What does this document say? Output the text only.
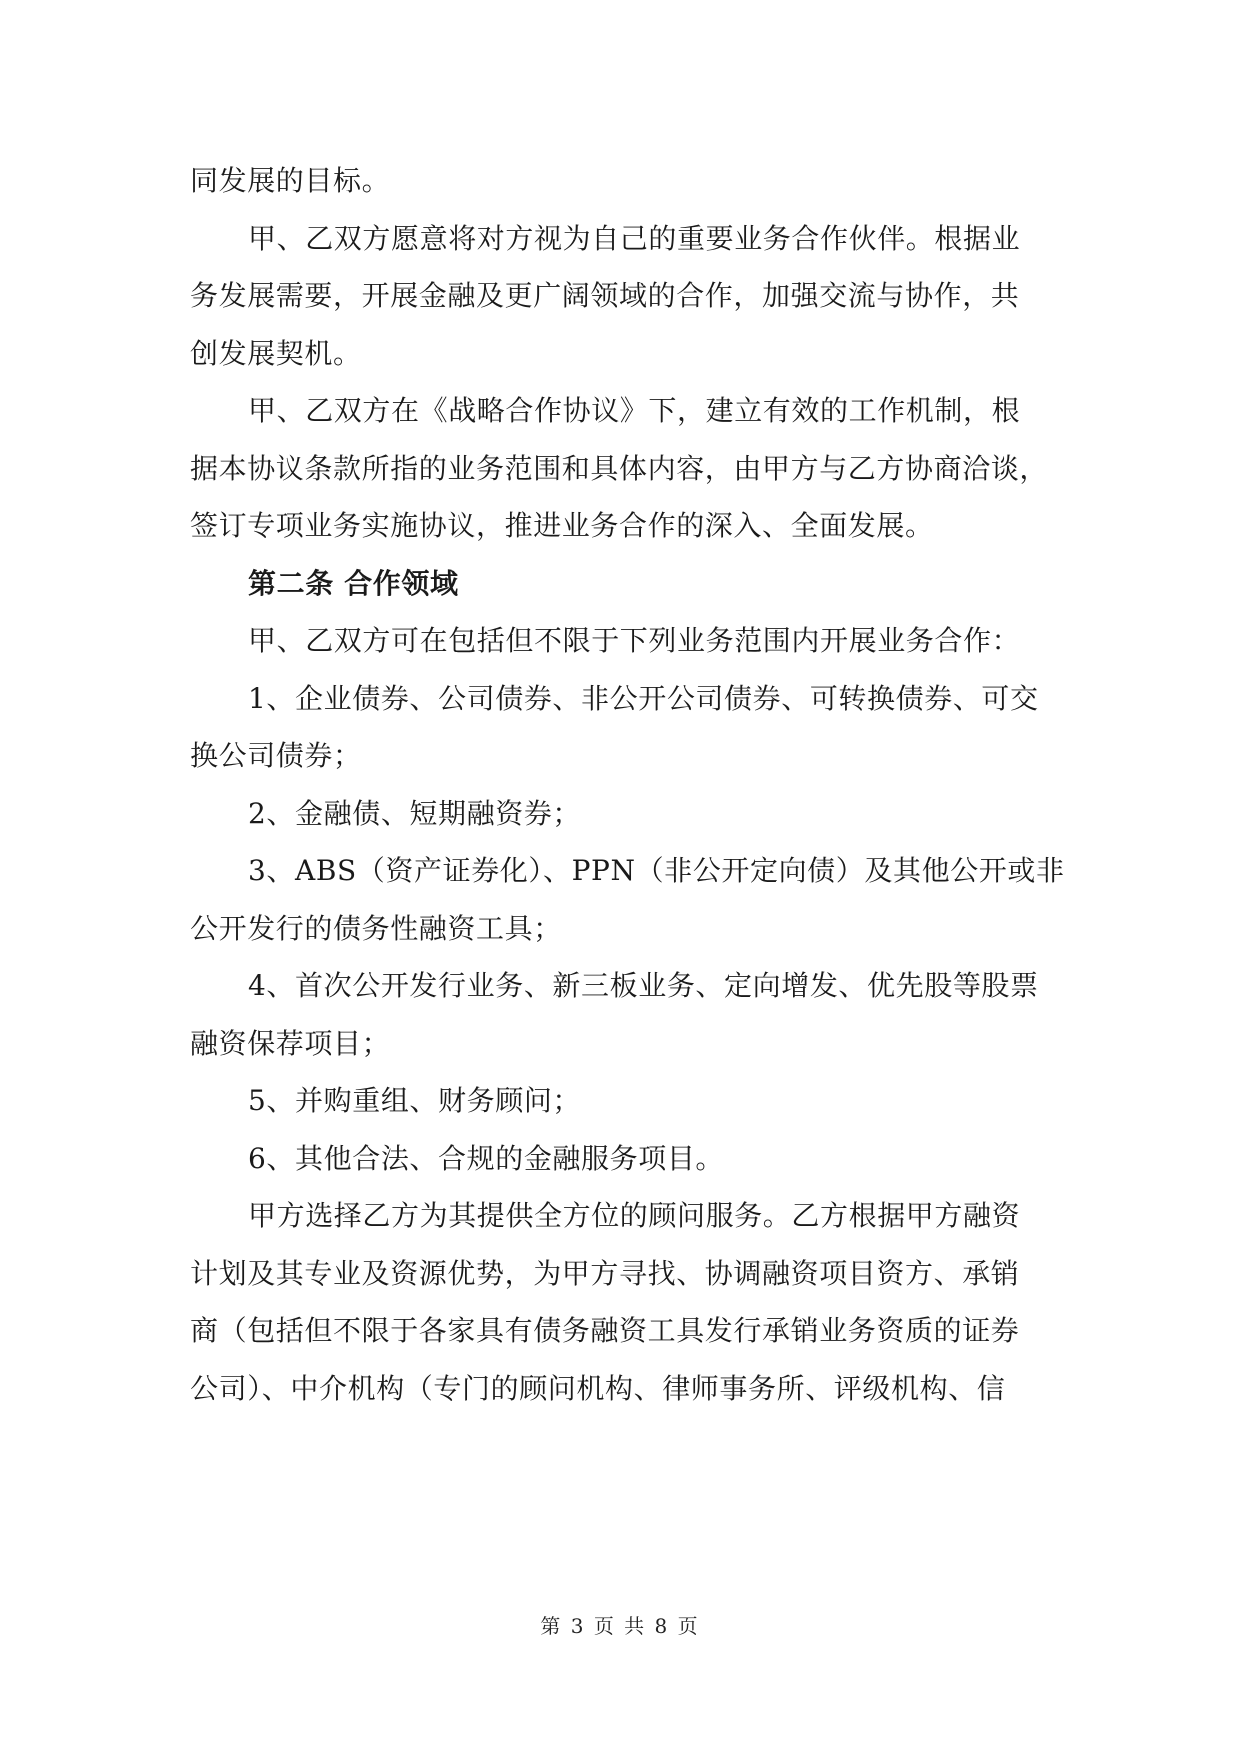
同发展的目标。
甲、乙双方愿意将对方视为自己的重要业务合作伙伴。根据业
务发展需要，开展金融及更广阔领域的合作，加强交流与协作，共
创发展契机。
甲、乙双方在《战略合作协议》下，建立有效的工作机制，根
据本协议条款所指的业务范围和具体内容，由甲方与乙方协商洽谈，
签订专项业务实施协议，推进业务合作的深入、全面发展。
第二条 合作领域
甲、乙双方可在包括但不限于下列业务范围内开展业务合作：
1、企业债券、公司债券、非公开公司债券、可转换债券、可交
换公司债券；
2、金融债、短期融资券；
3、ABS（资产证券化）、PPN（非公开定向债）及其他公开或非
公开发行的债务性融资工具；
4、首次公开发行业务、新三板业务、定向增发、优先股等股票
融资保荐项目；
5、并购重组、财务顾问；
6、其他合法、合规的金融服务项目。
甲方选择乙方为其提供全方位的顾问服务。乙方根据甲方融资
计划及其专业及资源优势，为甲方寻找、协调融资项目资方、承销
商（包括但不限于各家具有债务融资工具发行承销业务资质的证券
公司）、中介机构（专门的顾问机构、律师事务所、评级机构、信
第 3 页 共 8 页
